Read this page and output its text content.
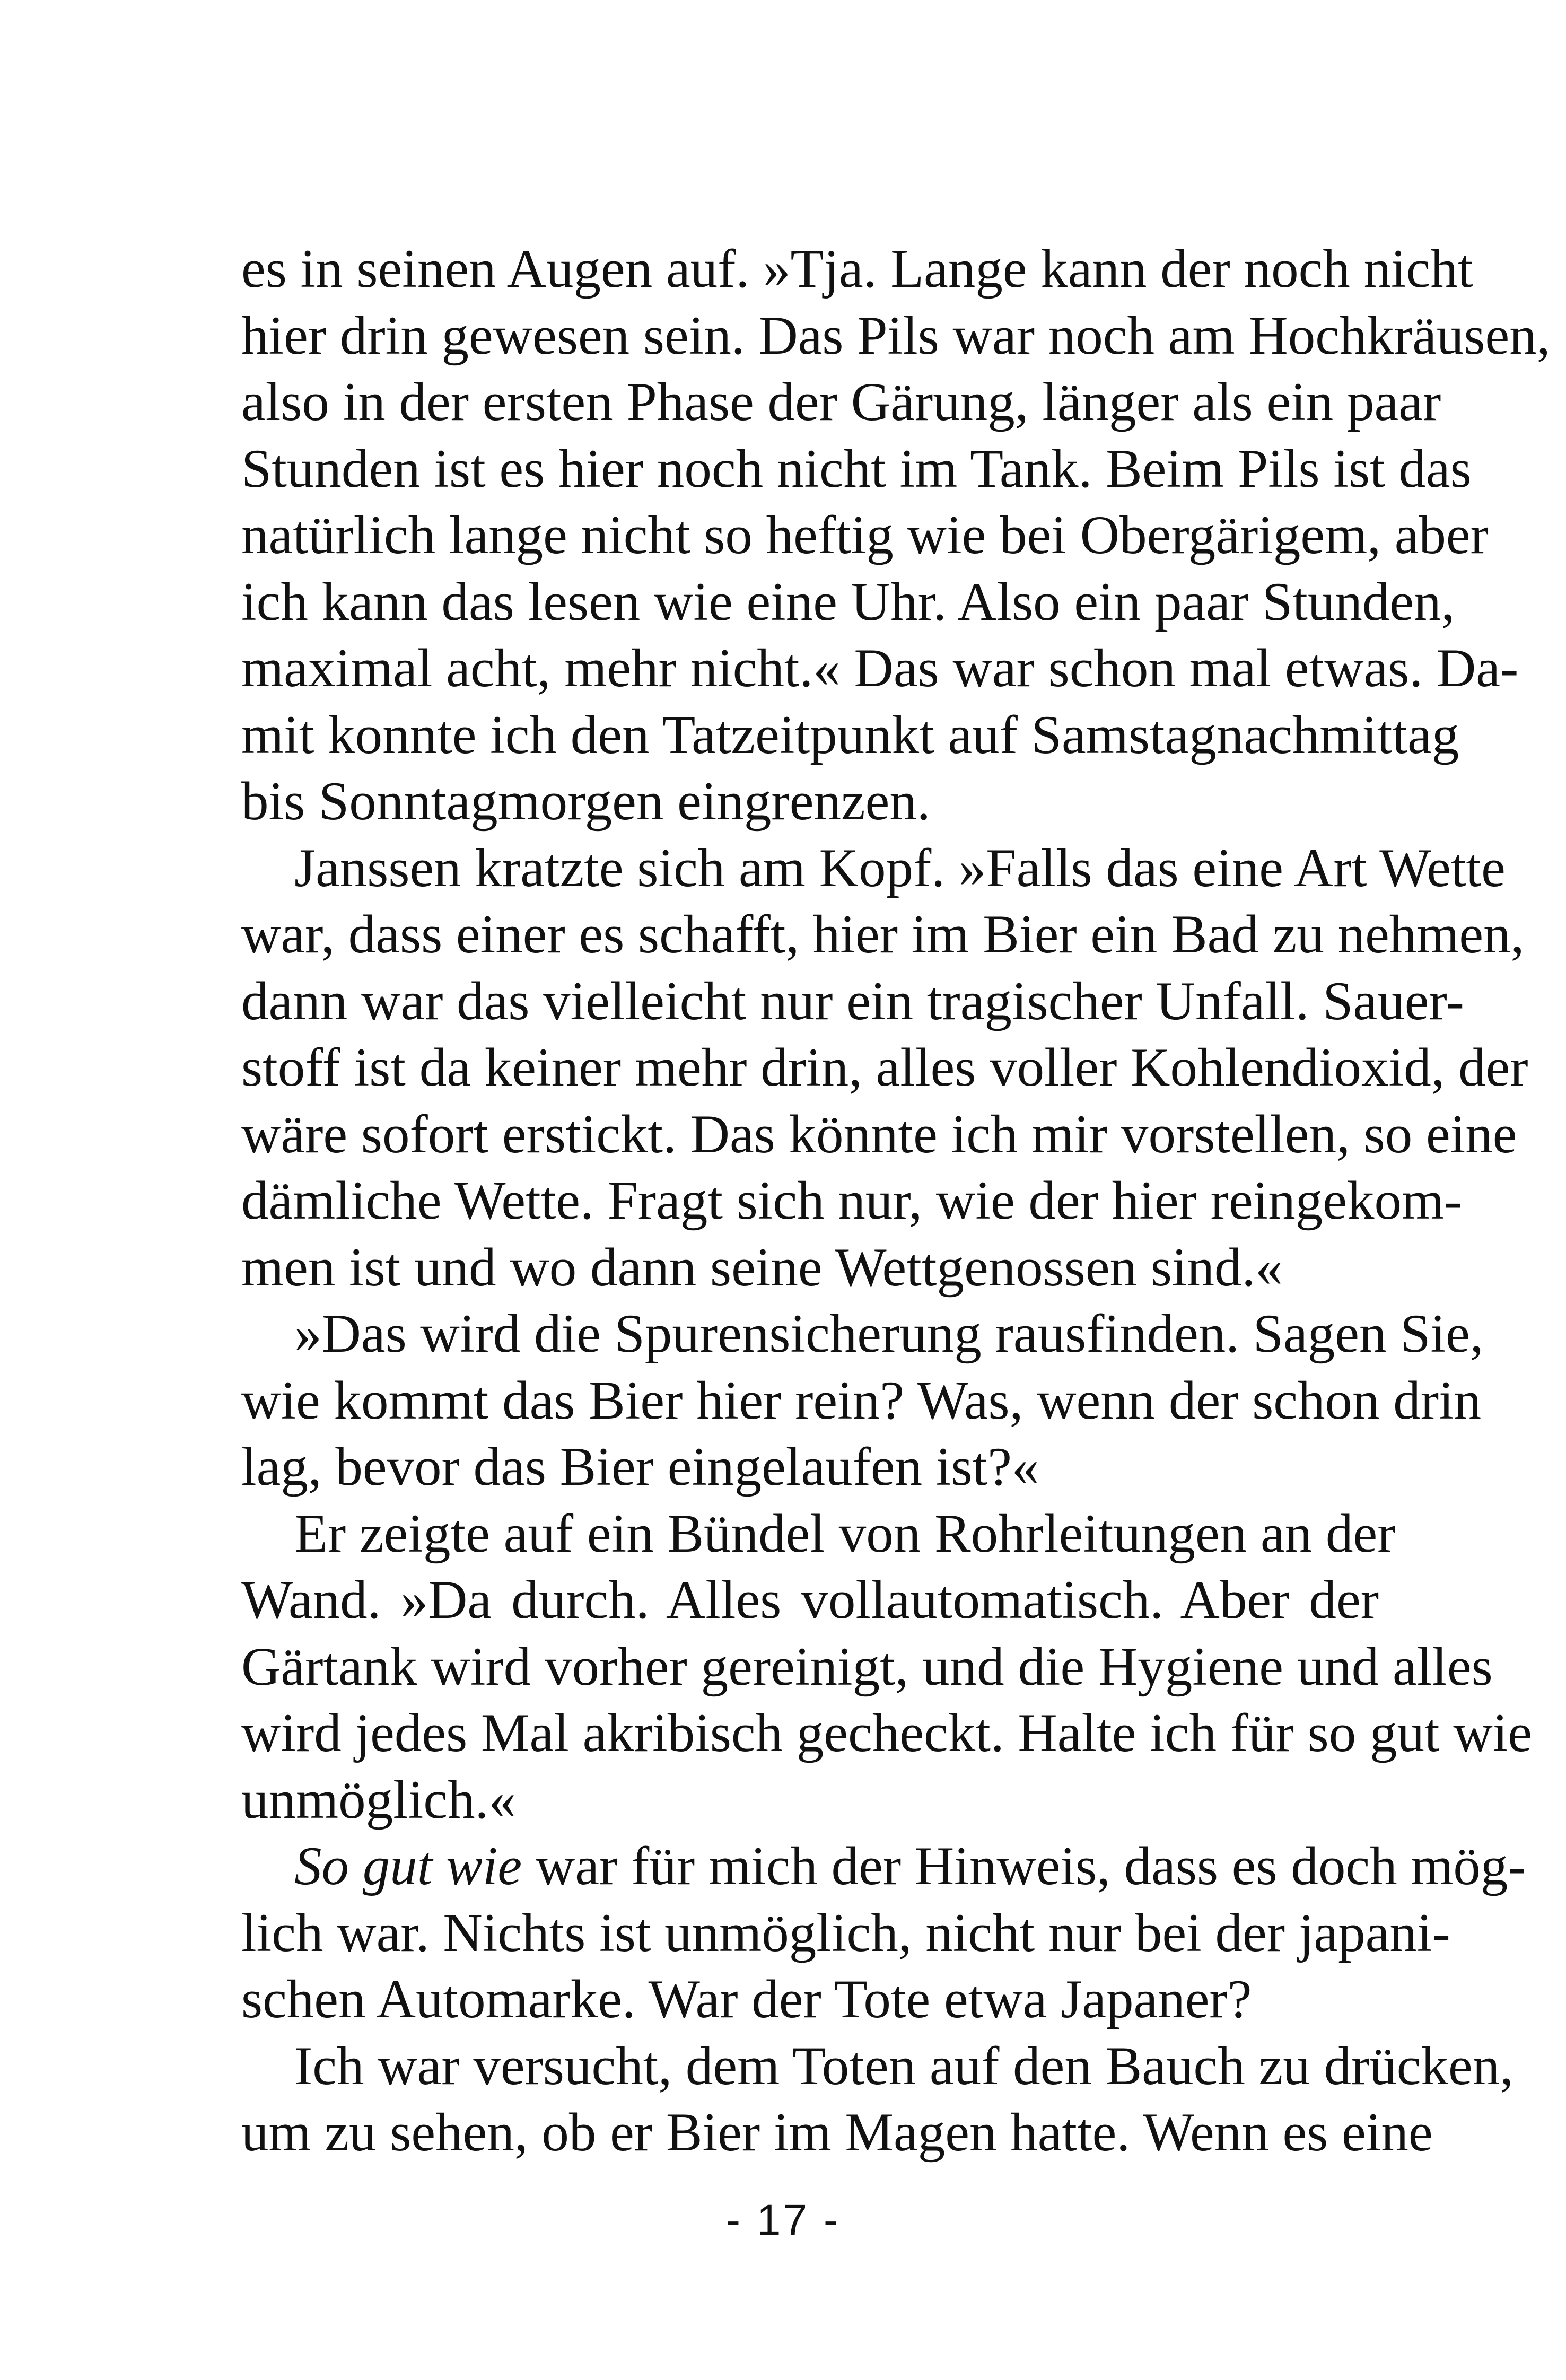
es in seinen Augen auf. »Tja. Lange kann der noch nicht
hier drin gewesen sein. Das Pils war noch am Hochkräusen,
also in der ersten Phase der Gärung, länger als ein paar
Stunden ist es hier noch nicht im Tank. Beim Pils ist das
natürlich lange nicht so heftig wie bei Obergärigem, aber
ich kann das lesen wie eine Uhr. Also ein paar Stunden,
maximal acht, mehr nicht.« Das war schon mal etwas. Da-
mit konnte ich den Tatzeitpunkt auf Samstagnachmittag
bis Sonntagmorgen eingrenzen.
Janssen kratzte sich am Kopf. »Falls das eine Art Wette
war, dass einer es schafft, hier im Bier ein Bad zu nehmen,
dann war das vielleicht nur ein tragischer Unfall. Sauer-
stoff ist da keiner mehr drin, alles voller Kohlendioxid, der
wäre sofort erstickt. Das könnte ich mir vorstellen, so eine
dämliche Wette. Fragt sich nur, wie der hier reingekom-
men ist und wo dann seine Wettgenossen sind.«
»Das wird die Spurensicherung rausfinden. Sagen Sie,
wie kommt das Bier hier rein? Was, wenn der schon drin
lag, bevor das Bier eingelaufen ist?«
Er zeigte auf ein Bündel von Rohrleitungen an der
Wand. »Da durch. Alles vollautomatisch. Aber der
Gärtank wird vorher gereinigt, und die Hygiene und alles
wird jedes Mal akribisch gecheckt. Halte ich für so gut wie
unmöglich.«
So gut wie war für mich der Hinweis, dass es doch mög-
lich war. Nichts ist unmöglich, nicht nur bei der japani-
schen Automarke. War der Tote etwa Japaner?
Ich war versucht, dem Toten auf den Bauch zu drücken,
um zu sehen, ob er Bier im Magen hatte. Wenn es eine
- 17 -
